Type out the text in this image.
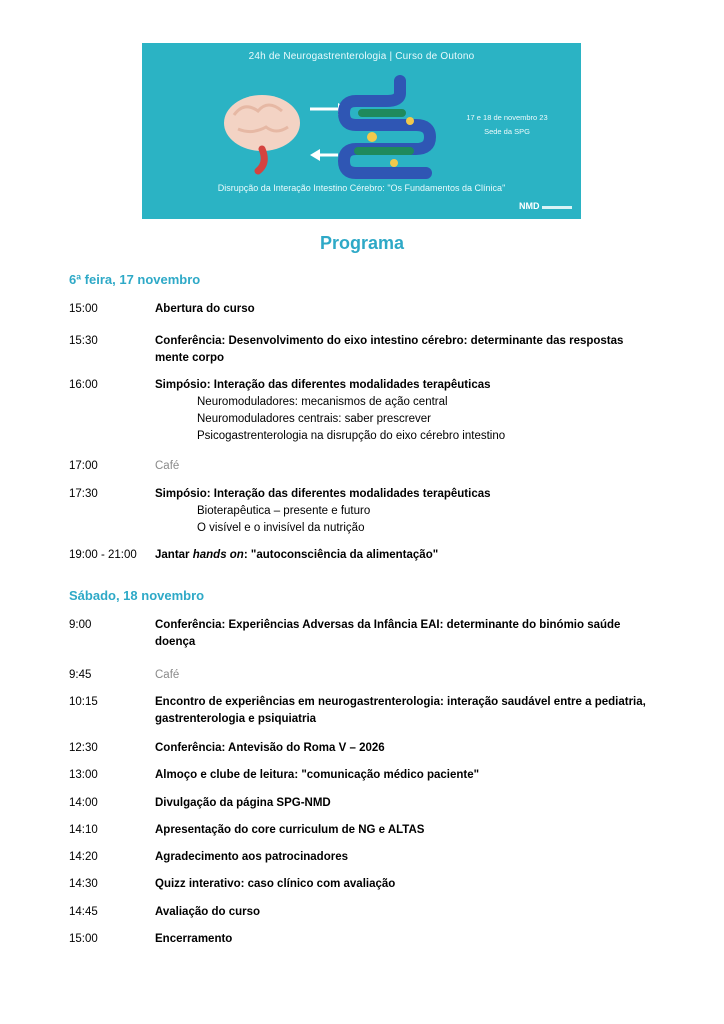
24h de Neurogastrenterologia | Curso de Outono
17 e 18 de novembro 23
Sede da SPG
Disrupção da Interação Intestino Cérebro: "Os Fundamentos da Clínica"
NMD
Programa
6ª feira, 17 novembro
15:00	Abertura do curso
15:30	Conferência: Desenvolvimento do eixo intestino cérebro: determinante das respostas mente corpo
16:00	Simpósio: Interação das diferentes modalidades terapêuticas
Neuromoduladores: mecanismos de ação central
Neuromoduladores centrais: saber prescrever
Psicogastrenterologia na disrupção do eixo cérebro intestino
17:00	Café
17:30	Simpósio: Interação das diferentes modalidades terapêuticas
Bioterapêutica – presente e futuro
O visível e o invisível da nutrição
19:00 - 21:00	Jantar hands on: "autoconsciência da alimentação"
Sábado, 18 novembro
9:00	Conferência: Experiências Adversas da Infância EAI: determinante do binómio saúde doença
9:45	Café
10:15	Encontro de experiências em neurogastrenterologia: interação saudável entre a pediatria, gastrenterologia e psiquiatria
12:30	Conferência: Antevisão do Roma V – 2026
13:00	Almoço e clube de leitura: "comunicação médico paciente"
14:00	Divulgação da página SPG-NMD
14:10	Apresentação do core curriculum de NG e ALTAS
14:20	Agradecimento aos patrocinadores
14:30	Quizz interativo: caso clínico com avaliação
14:45	Avaliação do curso
15:00	Encerramento
